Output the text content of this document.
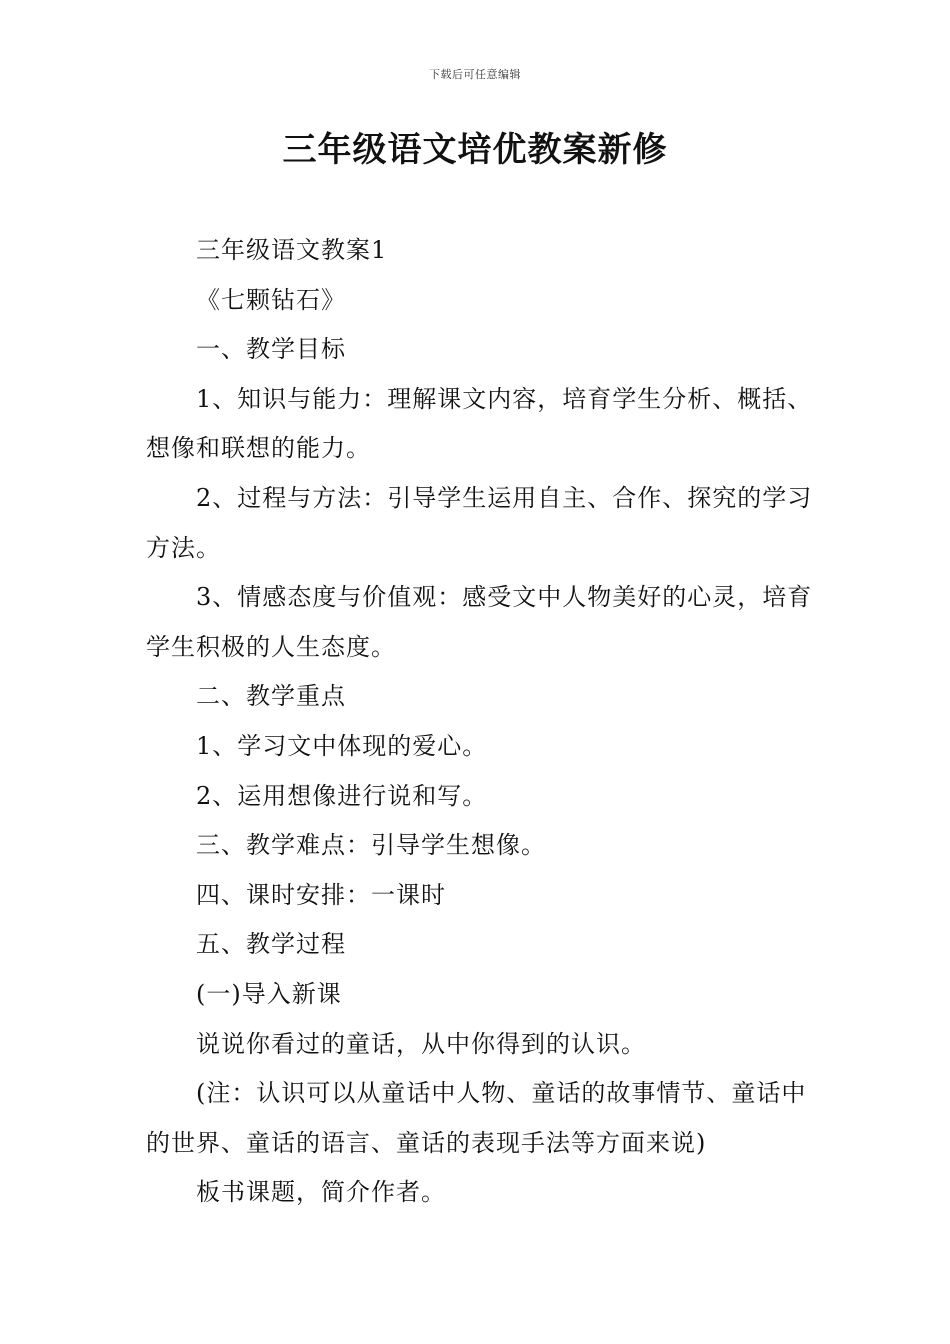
下载后可任意编辑
三年级语文培优教案新修

三年级语文教案1

《七颗钻石》

一、教学目标

1、知识与能力：理解课文内容，培育学生分析、概括、想像和联想的能力。

2、过程与方法：引导学生运用自主、合作、探究的学习方法。

3、情感态度与价值观：感受文中人物美好的心灵，培育学生积极的人生态度。

二、教学重点

1、学习文中体现的爱心。

2、运用想像进行说和写。

三、教学难点：引导学生想像。

四、课时安排：一课时

五、教学过程

(一)导入新课

说说你看过的童话，从中你得到的认识。

(注：认识可以从童话中人物、童话的故事情节、童话中的世界、童话的语言、童话的表现手法等方面来说)

板书课题，简介作者。
